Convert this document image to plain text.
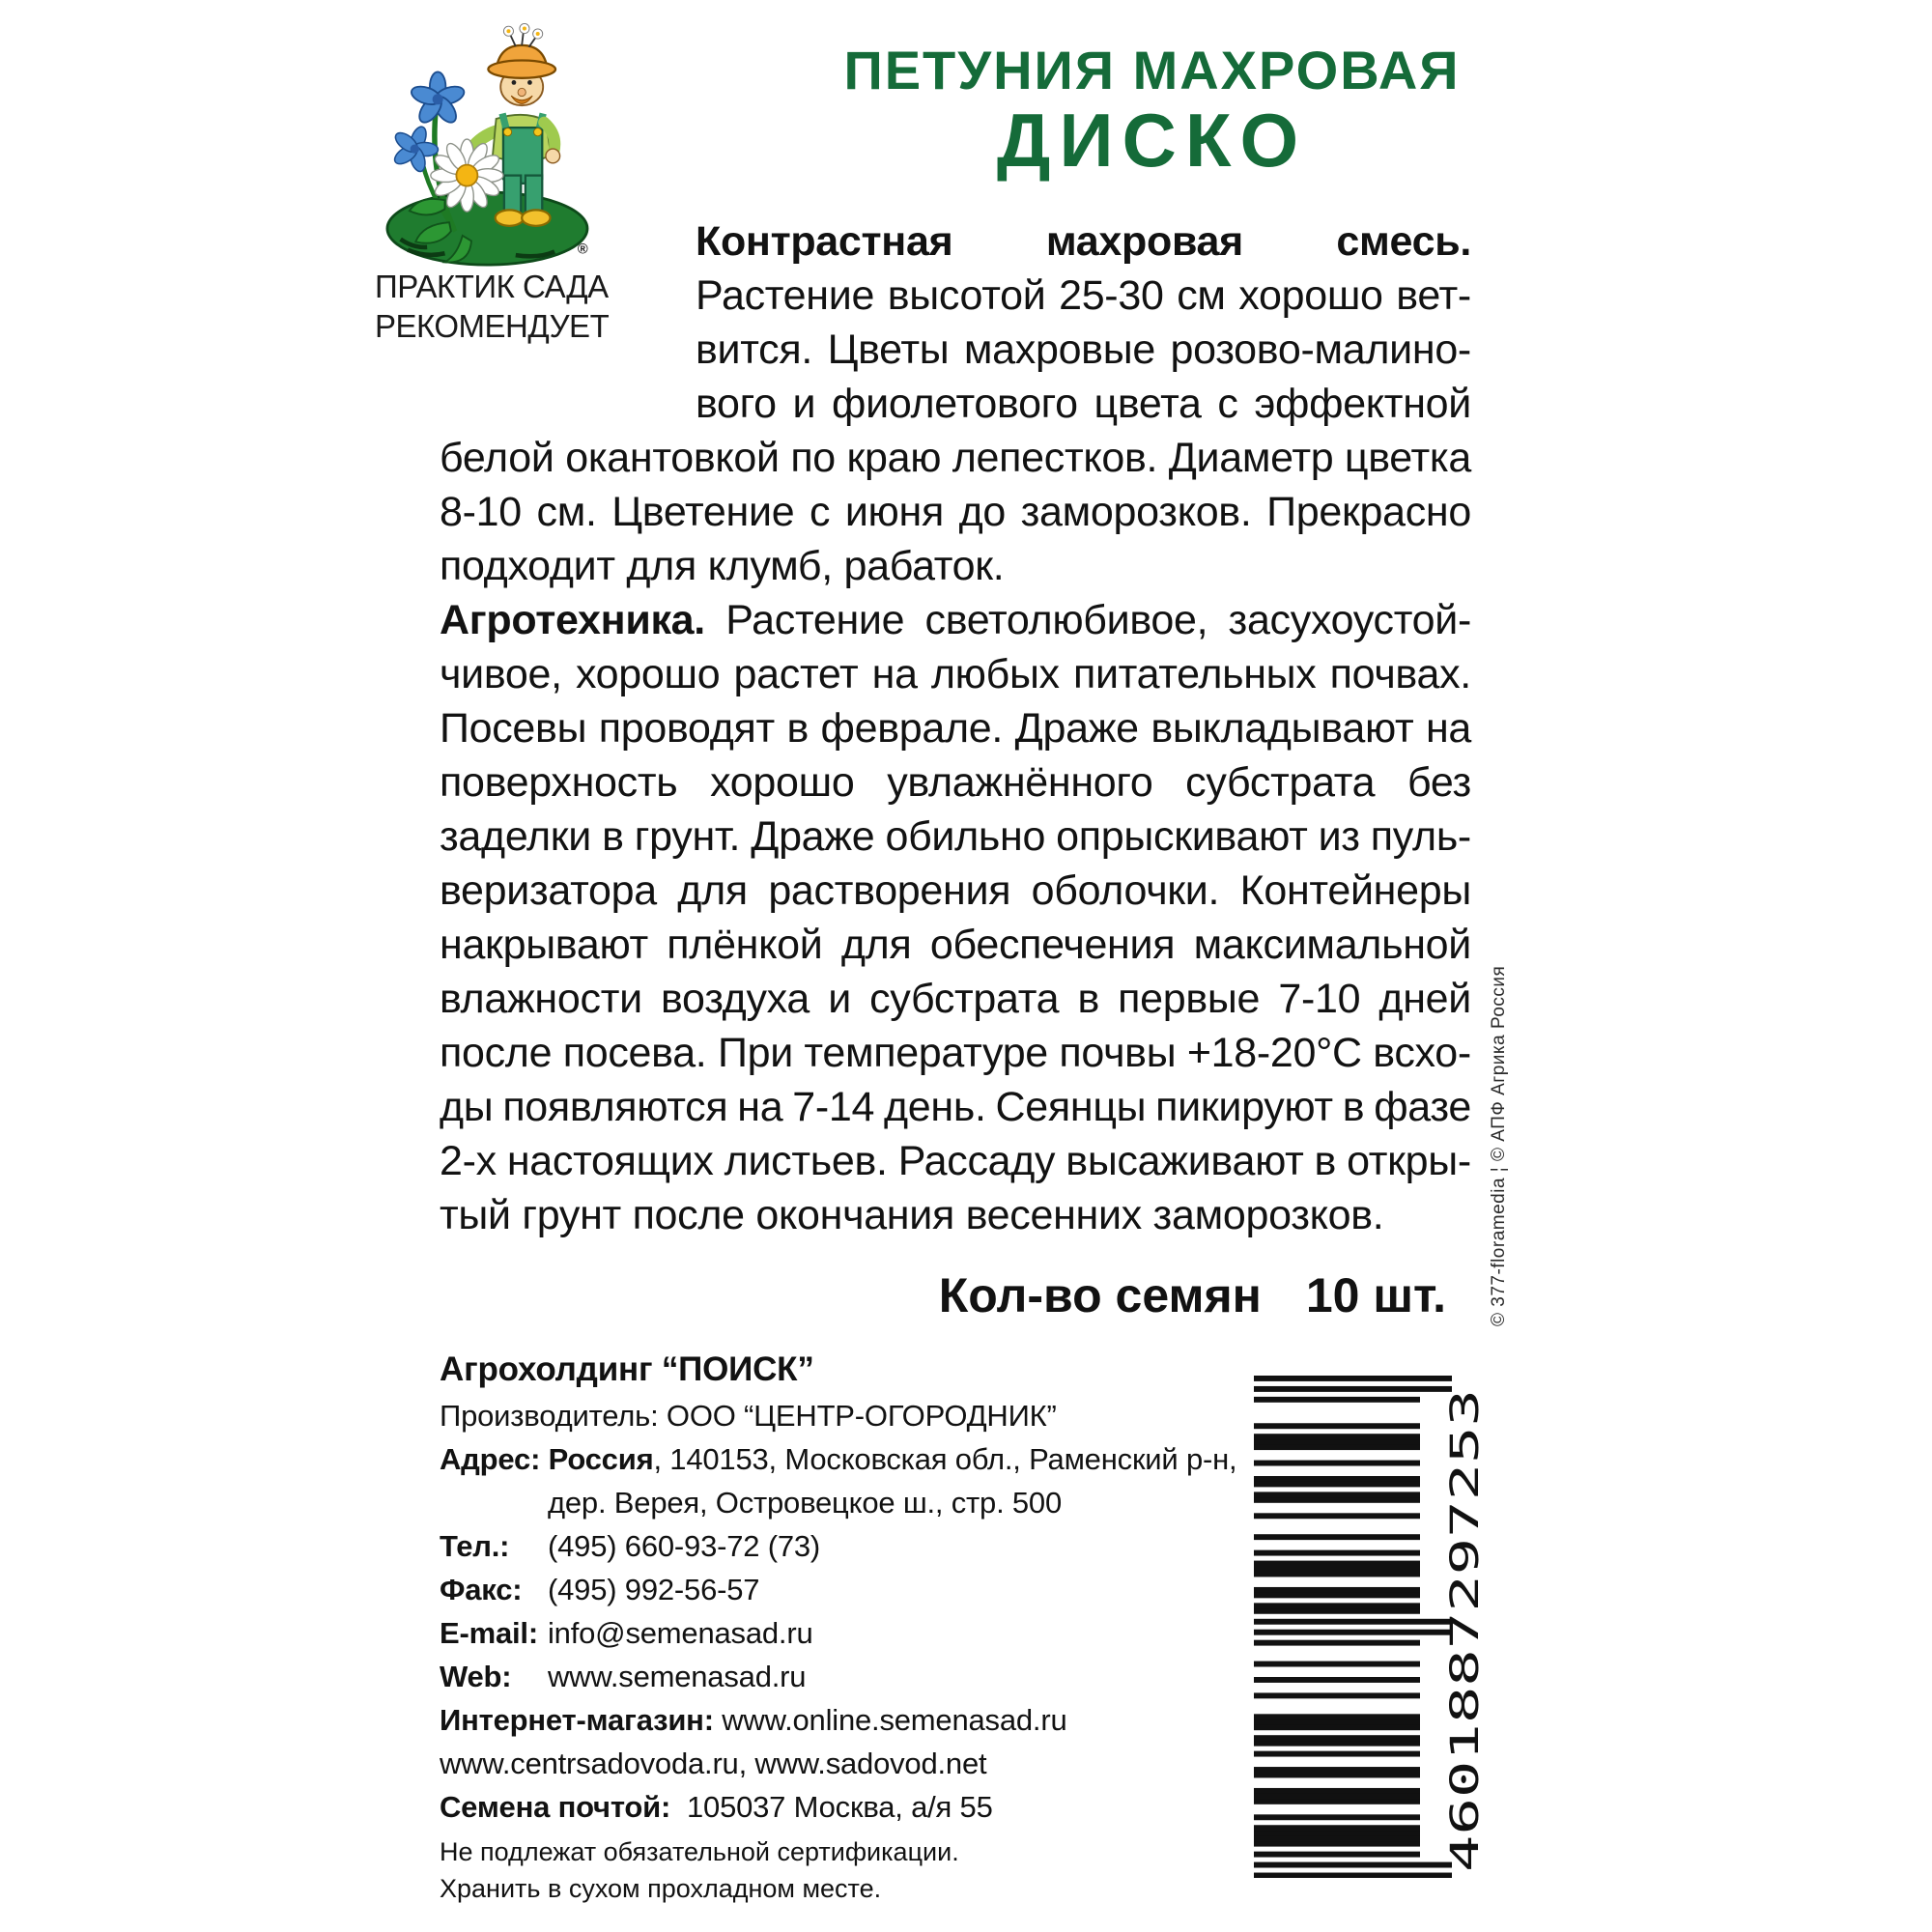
®
ПРАКТИК САДА
РЕКОМЕНДУЕТ
ПЕТУНИЯ МАХРОВАЯ
ДИСКО
Контрастная махровая смесь.
Растение высотой 25-30 см хорошо вет-
вится. Цветы махровые розово-малино-
вого и фиолетового цвета с эффектной
белой окантовкой по краю лепестков. Диаметр цветка
8-10 см. Цветение с июня до заморозков. Прекрасно
подходит для клумб, рабаток.
Агротехника. Растение светолюбивое, засухоустой-
чивое, хорошо растет на любых питательных почвах.
Посевы проводят в феврале. Драже выкладывают на
поверхность хорошо увлажнённого субстрата без
заделки в грунт. Драже обильно опрыскивают из пуль-
веризатора для растворения оболочки. Контейнеры
накрывают плёнкой для обеспечения максимальной
влажности воздуха и субстрата в первые 7-10 дней
после посева. При температуре почвы +18-20°С всхо-
ды появляются на 7-14 день. Сеянцы пикируют в фазе
2-х настоящих листьев. Рассаду высаживают в откры-
тый грунт после окончания весенних заморозков.
Кол-во семян 10 шт.
Агрохолдинг “ПОИСК”
Производитель: ООО “ЦЕНТР-ОГОРОДНИК”
Адрес: Россия, 140153, Московская обл., Раменский р-н,
дер. Верея, Островецкое ш., стр. 500
Тел.: (495) 660-93-72 (73)
Факс: (495) 992-56-57
E-mail: info@semenasad.ru
Web: www.semenasad.ru
Интернет-магазин: www.online.semenasad.ru
www.centrsadovoda.ru, www.sadovod.net
Семена почтой:  105037 Москва, а/я 55
Не подлежат обязательной сертификации.
Хранить в сухом прохладном месте.
4601887297253
© 377-floramedia ¦ © АПФ Агрика Россия
